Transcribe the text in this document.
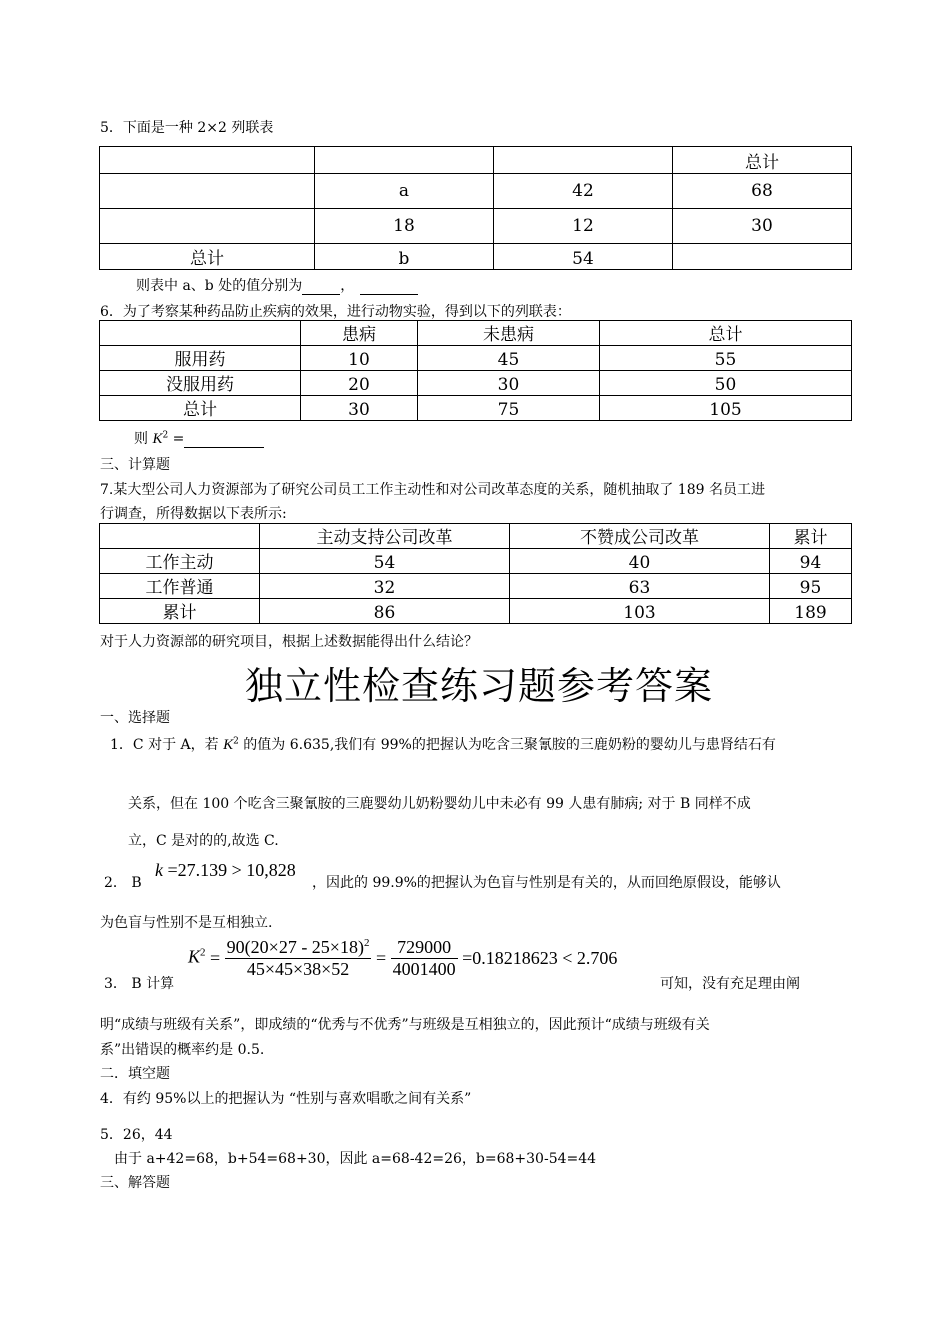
5．下面是一种 2×2 列联表
			总计
	a	42	68
	18	12	30
总计	b	54	
则表中 a、b 处的值分别为	，
6．为了考察某种药品防止疾病的效果，进行动物实验，得到以下的列联表：
	患病	未患病	总计
服用药	10	45	55
没服用药	20	30	50
总计	30	75	105
则 $K^2$ =
三、计算题
7.某大型公司人力资源部为了研究公司员工工作主动性和对公司改革态度的关系，随机抽取了 189 名员工进
行调查，所得数据以下表所示:
	主动支持公司改革	不赞成公司改革	累计
工作主动	54	40	94
工作普通	32	63	95
累计	86	103	189
对于人力资源部的研究项目，根据上述数据能得出什么结论？
独立性检查练习题参考答案
一、选择题
1．C 对于 A，若 $K^2$ 的值为 6.635,我们有 99%的把握认为吃含三聚氰胺的三鹿奶粉的婴幼儿与患肾结石有
关系，但在 100 个吃含三聚氰胺的三鹿婴幼儿奶粉婴幼儿中未必有 99 人患有肺病; 对于 B 同样不成
立，C 是对的的,故选 C.
2． B
k =27.139 > 10,828
，因此的 99.9%的把握认为色盲与性别是有关的，从而回绝原假设，能够认
为色盲与性别不是互相独立.
3． B 计算
$K^2 = \frac{90(20\times 27 - 25\times 18)^2}{45\times 45\times 38\times 52} = \frac{729000}{4001400} =0.18218623 < 2.706$
可知，没有充足理由阐
明“成绩与班级有关系”，即成绩的“优秀与不优秀”与班级是互相独立的，因此预计“成绩与班级有关
系”出错误的概率约是 0.5.
二．填空题
4．有约 95%以上的把握认为 “性别与喜欢唱歌之间有关系”
5．26，44
由于 a+42=68，b+54=68+30，因此 a=68-42=26，b=68+30-54=44
三、解答题
